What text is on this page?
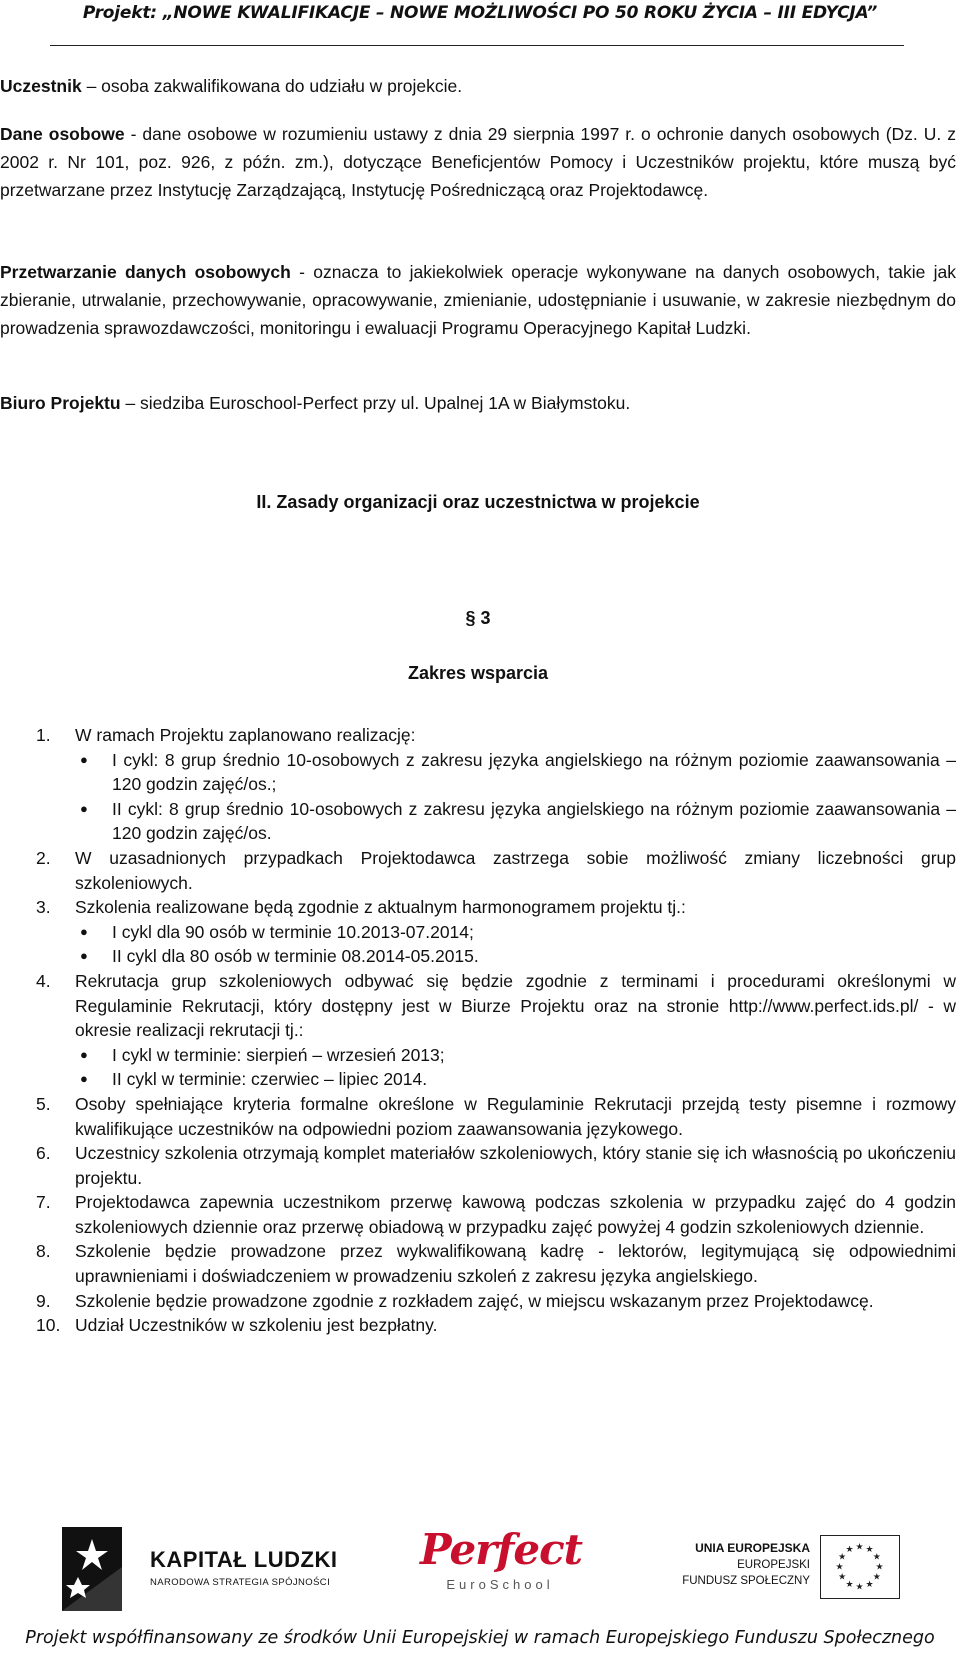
Projekt: „NOWE KWALIFIKACJE – NOWE MOŻLIWOŚCI PO 50 ROKU ŻYCIA – III EDYCJA”
Uczestnik – osoba zakwalifikowana do udziału w projekcie.
Dane osobowe - dane osobowe w rozumieniu ustawy z dnia 29 sierpnia 1997 r. o ochronie danych osobowych (Dz. U. z 2002 r. Nr 101, poz. 926, z późn. zm.), dotyczące Beneficjentów Pomocy i Uczestników projektu, które muszą być przetwarzane przez Instytucję Zarządzającą, Instytucję Pośredniczącą oraz Projektodawcę.
Przetwarzanie danych osobowych - oznacza to jakiekolwiek operacje wykonywane na danych osobowych, takie jak zbieranie, utrwalanie, przechowywanie, opracowywanie, zmienianie, udostępnianie i usuwanie, w zakresie niezbędnym do prowadzenia sprawozdawczości, monitoringu i ewaluacji Programu Operacyjnego Kapitał Ludzki.
Biuro Projektu – siedziba Euroschool-Perfect przy ul. Upalnej 1A w Białymstoku.
II. Zasady organizacji oraz uczestnictwa w projekcie
§ 3
Zakres wsparcia
1.	W ramach Projektu zaplanowano realizację:
● I cykl: 8 grup średnio 10-osobowych z zakresu języka angielskiego na różnym poziomie zaawansowania – 120 godzin zajęć/os.;
● II cykl: 8 grup średnio 10-osobowych z zakresu języka angielskiego na różnym poziomie zaawansowania – 120 godzin zajęć/os.
2.	W uzasadnionych przypadkach Projektodawca zastrzega sobie możliwość zmiany liczebności grup szkoleniowych.
3.	Szkolenia realizowane będą zgodnie z aktualnym harmonogramem projektu tj.:
● I cykl dla 90 osób w terminie 10.2013-07.2014;
● II cykl dla 80 osób w terminie 08.2014-05.2015.
4.	Rekrutacja grup szkoleniowych odbywać się będzie zgodnie z terminami i procedurami określonymi w Regulaminie Rekrutacji, który dostępny jest w Biurze Projektu oraz na stronie http://www.perfect.ids.pl/ - w okresie realizacji rekrutacji tj.:
● I cykl w terminie: sierpień – wrzesień 2013;
● II cykl w terminie: czerwiec – lipiec 2014.
5.	Osoby spełniające kryteria formalne określone w Regulaminie Rekrutacji przejdą testy pisemne i rozmowy kwalifikujące uczestników na odpowiedni poziom zaawansowania językowego.
6.	Uczestnicy szkolenia otrzymają komplet materiałów szkoleniowych, który stanie się ich własnością po ukończeniu projektu.
7.	Projektodawca zapewnia uczestnikom przerwę kawową podczas szkolenia w przypadku zajęć do 4 godzin szkoleniowych dziennie oraz przerwę obiadową w przypadku zajęć powyżej 4 godzin szkoleniowych dziennie.
8.	Szkolenie będzie prowadzone przez wykwalifikowaną kadrę - lektorów, legitymującą się odpowiednimi uprawnieniami i doświadczeniem w prowadzeniu szkoleń z zakresu języka angielskiego.
9.	Szkolenie będzie prowadzone zgodnie z rozkładem zajęć, w miejscu wskazanym przez Projektodawcę.
10. Udział Uczestników w szkoleniu jest bezpłatny.
KAPITAŁ LUDZKI
NARODOWA STRATEGIA SPÓJNOŚCI
Perfect
EuroSchool
UNIA EUROPEJSKA
EUROPEJSKI
FUNDUSZ SPOŁECZNY
★ ★
★
★
★
★
★
★
★
★
★
★
Projekt współfinansowany ze środków Unii Europejskiej w ramach Europejskiego Funduszu Społecznego
